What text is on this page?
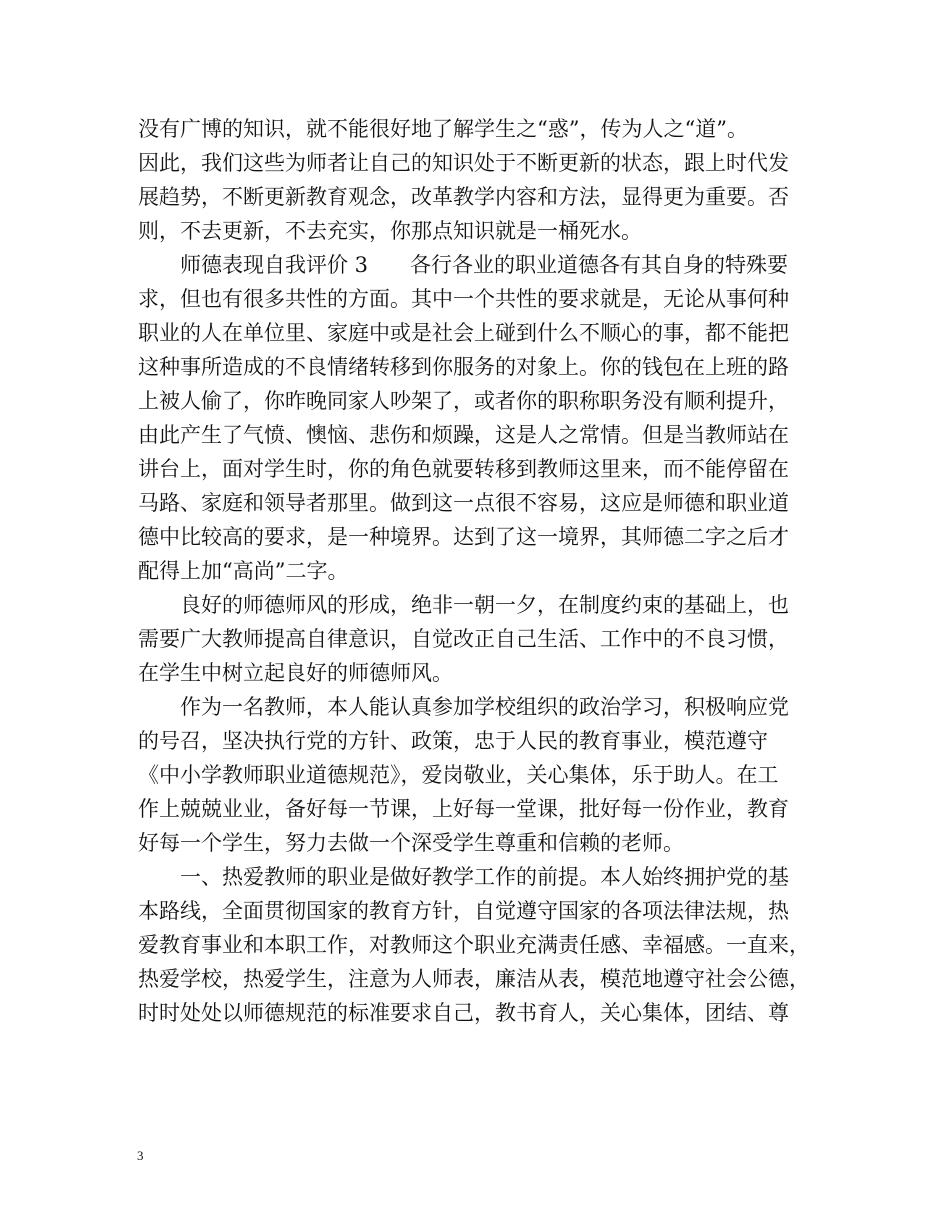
没有广博的知识，就不能很好地了解学生之“惑”，传为人之“道”。
因此，我们这些为师者让自己的知识处于不断更新的状态，跟上时代发
展趋势，不断更新教育观念，改革教学内容和方法，显得更为重要。否
则，不去更新，不去充实，你那点知识就是一桶死水。
　　师德表现自我评价 3　　各行各业的职业道德各有其自身的特殊要
求，但也有很多共性的方面。其中一个共性的要求就是，无论从事何种
职业的人在单位里、家庭中或是社会上碰到什么不顺心的事，都不能把
这种事所造成的不良情绪转移到你服务的对象上。你的钱包在上班的路
上被人偷了，你昨晚同家人吵架了，或者你的职称职务没有顺利提升，
由此产生了气愤、懊恼、悲伤和烦躁，这是人之常情。但是当教师站在
讲台上，面对学生时，你的角色就要转移到教师这里来，而不能停留在
马路、家庭和领导者那里。做到这一点很不容易，这应是师德和职业道
德中比较高的要求，是一种境界。达到了这一境界，其师德二字之后才
配得上加“高尚”二字。
　　良好的师德师风的形成，绝非一朝一夕，在制度约束的基础上，也
需要广大教师提高自律意识，自觉改正自己生活、工作中的不良习惯，
在学生中树立起良好的师德师风。
　　作为一名教师，本人能认真参加学校组织的政治学习，积极响应党
的号召，坚决执行党的方针、政策，忠于人民的教育事业，模范遵守
《中小学教师职业道德规范》，爱岗敬业，关心集体，乐于助人。在工
作上兢兢业业，备好每一节课，上好每一堂课，批好每一份作业，教育
好每一个学生，努力去做一个深受学生尊重和信赖的老师。
　　一、热爱教师的职业是做好教学工作的前提。本人始终拥护党的基
本路线，全面贯彻国家的教育方针，自觉遵守国家的各项法律法规，热
爱教育事业和本职工作，对教师这个职业充满责任感、幸福感。一直来，
热爱学校，热爱学生，注意为人师表，廉洁从表，模范地遵守社会公德，
时时处处以师德规范的标准要求自己，教书育人，关心集体，团结、尊
3
